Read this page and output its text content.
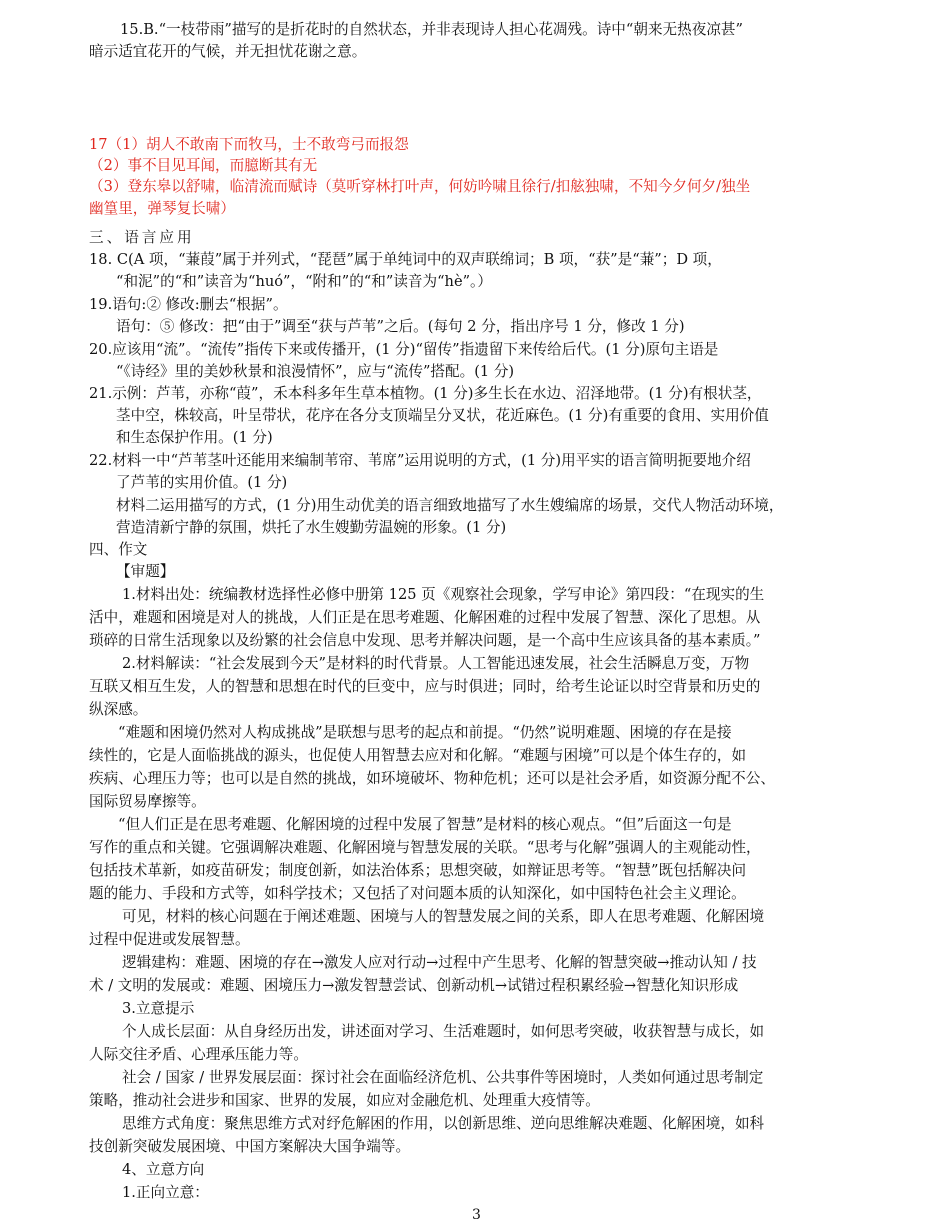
15.B.“一枝带雨”描写的是折花时的自然状态，并非表现诗人担心花凋残。诗中“朝来无热夜凉甚”
暗示适宜花开的气候，并无担忧花谢之意。
17（1）胡人不敢南下而牧马，士不敢弯弓而报怨
（2）事不目见耳闻，而臆断其有无
（3）登东皋以舒啸，临清流而赋诗（莫听穿林打叶声，何妨吟啸且徐行/扣舷独啸，不知今夕何夕/独坐
幽篁里，弹琴复长啸）
三、语言应用
18. C(A 项，“蒹葭”属于并列式，“琵琶”属于单纯词中的双声联绵词；B 项，“获”是“蒹”；D 项，
“和泥”的“和”读音为“huó”，“附和”的“和”读音为“hè”。）
19.语句:② 修改:删去“根据”。
语句：⑤ 修改：把“由于”调至“获与芦苇”之后。(每句 2 分，指出序号 1 分，修改 1 分)
20.应该用“流”。“流传”指传下来或传播开，(1 分)“留传”指遗留下来传给后代。(1 分)原句主语是
“《诗经》里的美妙秋景和浪漫情怀”，应与“流传”搭配。(1 分)
21.示例：芦苇，亦称“葭”，禾本科多年生草本植物。(1 分)多生长在水边、沼泽地带。(1 分)有根状茎，
茎中空，株较高，叶呈带状，花序在各分支顶端呈分叉状，花近麻色。(1 分)有重要的食用、实用价值
和生态保护作用。(1 分)
22.材料一中“芦苇茎叶还能用来编制苇帘、苇席”运用说明的方式，(1 分)用平实的语言简明扼要地介绍
了芦苇的实用价值。(1 分)
材料二运用描写的方式，(1 分)用生动优美的语言细致地描写了水生嫂编席的场景，交代人物活动环境，
营造清新宁静的氛围，烘托了水生嫂勤劳温婉的形象。(1 分)
四、作文
【审题】
1.材料出处：统编教材选择性必修中册第 125 页《观察社会现象，学写申论》第四段：“在现实的生
活中，难题和困境是对人的挑战，人们正是在思考难题、化解困难的过程中发展了智慧、深化了思想。从
琐碎的日常生活现象以及纷繁的社会信息中发现、思考并解决问题，是一个高中生应该具备的基本素质。”
2.材料解读：“社会发展到今天”是材料的时代背景。人工智能迅速发展，社会生活瞬息万变，万物
互联又相互生发，人的智慧和思想在时代的巨变中，应与时俱进；同时，给考生论证以时空背景和历史的
纵深感。
“难题和困境仍然对人构成挑战”是联想与思考的起点和前提。“仍然”说明难题、困境的存在是接
续性的，它是人面临挑战的源头，也促使人用智慧去应对和化解。“难题与困境”可以是个体生存的，如
疾病、心理压力等；也可以是自然的挑战，如环境破坏、物种危机；还可以是社会矛盾，如资源分配不公、
国际贸易摩擦等。
“但人们正是在思考难题、化解困境的过程中发展了智慧”是材料的核心观点。“但”后面这一句是
写作的重点和关键。它强调解决难题、化解困境与智慧发展的关联。“思考与化解”强调人的主观能动性，
包括技术革新，如疫苗研发；制度创新，如法治体系；思想突破，如辩证思考等。“智慧”既包括解决问
题的能力、手段和方式等，如科学技术；又包括了对问题本质的认知深化，如中国特色社会主义理论。
可见，材料的核心问题在于阐述难题、困境与人的智慧发展之间的关系，即人在思考难题、化解困境
过程中促进或发展智慧。
逻辑建构：难题、困境的存在→激发人应对行动→过程中产生思考、化解的智慧突破→推动认知 / 技
术 / 文明的发展或：难题、困境压力→激发智慧尝试、创新动机→试错过程积累经验→智慧化知识形成
3.立意提示
个人成长层面：从自身经历出发，讲述面对学习、生活难题时，如何思考突破，收获智慧与成长，如
人际交往矛盾、心理承压能力等。
社会 / 国家 / 世界发展层面：探讨社会在面临经济危机、公共事件等困境时，人类如何通过思考制定
策略，推动社会进步和国家、世界的发展，如应对金融危机、处理重大疫情等。
思维方式角度：聚焦思维方式对纾危解困的作用，以创新思维、逆向思维解决难题、化解困境，如科
技创新突破发展困境、中国方案解决大国争端等。
4、立意方向
1.正向立意：
3
